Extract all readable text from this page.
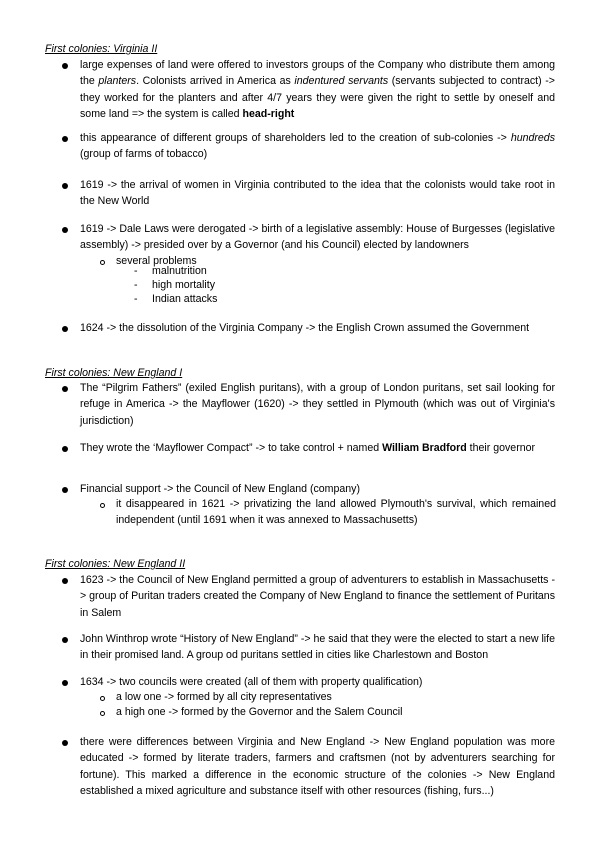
First colonies: Virginia II
large expenses of land were offered to investors groups of the Company who distribute them among the planters. Colonists arrived in America as indentured servants (servants subjected to contract) -> they worked for the planters and after 4/7 years they were given the right to settle by oneself and some land => the system is called head-right
this appearance of different groups of shareholders led to the creation of sub-colonies -> hundreds (group of farms of tobacco)
1619 -> the arrival of women in Virginia contributed to the idea that the colonists would take root in the New World
1619 -> Dale Laws were derogated -> birth of a legislative assembly: House of Burgesses (legislative assembly) -> presided over by a Governor (and his Council) elected by landowners
several problems
- malnutrition
- high mortality
- Indian attacks
1624 -> the dissolution of the Virginia Company -> the English Crown assumed the Government
First colonies: New England I
The “Pilgrim Fathers” (exiled English puritans), with a group of London puritans, set sail looking for refuge in America -> the Mayflower (1620) -> they settled in Plymouth (which was out of Virginia's jurisdiction)
They wrote the ‘Mayflower Compact” -> to take control + named William Bradford their governor
Financial support -> the Council of New England (company)
it disappeared in 1621 -> privatizing the land allowed Plymouth's survival, which remained independent (until 1691 when it was annexed to Massachusetts)
First colonies: New England II
1623 -> the Council of New England permitted a group of adventurers to establish in Massachusetts -> group of Puritan traders created the Company of New England to finance the settlement of Puritans in Salem
John Winthrop wrote “History of New England” -> he said that they were the elected to start a new life in their promised land. A group od puritans settled in cities like Charlestown and Boston
1634 -> two councils were created (all of them with property qualification)
a low one -> formed by all city representatives
a high one -> formed by the Governor and the Salem Council
there were differences between Virginia and New England -> New England population was more educated -> formed by literate traders, farmers and craftsmen (not by adventurers searching for fortune). This marked a difference in the economic structure of the colonies -> New England established a mixed agriculture and substance itself with other resources (fishing, furs...)
